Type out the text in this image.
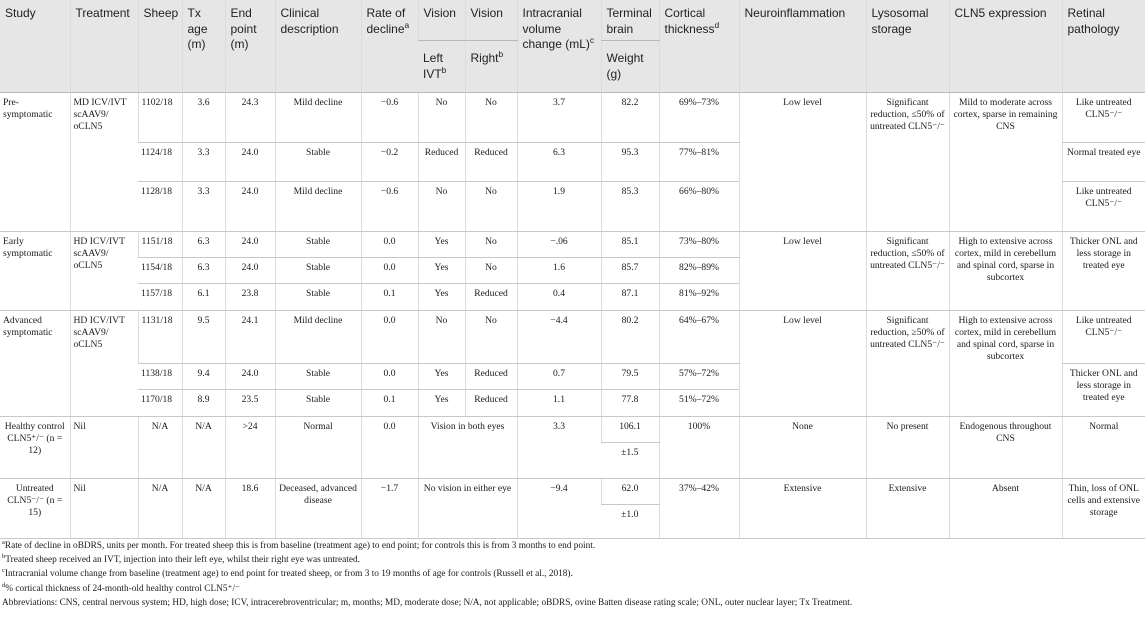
Study	Treatment	Sheep	Tx age (m)	End point (m)	Clinical description	Rate of decline$^a$	Vision	Vision	Intracranial volume change (mL)$^c$	Terminal brain	Cortical thickness$^d$	Neuroinflammation	Lysosomal storage	CLN5 expression	Retinal pathology
							Left IVT$^b$	Right$^b$		Weight (g)					
Pre-symptomatic	MD ICV/IVT scAAV9/ oCLN5	1102/18	3.6	24.3	Mild decline	−0.6	No	No	3.7	82.2	69%–73%	Low level	Significant reduction, ≤50% of untreated CLN5⁻/⁻	Mild to moderate across cortex, sparse in remaining CNS	Like untreated CLN5⁻/⁻
		1124/18	3.3	24.0	Stable	−0.2	Reduced	Reduced	6.3	95.3	77%–81%				Normal treated eye
		1128/18	3.3	24.0	Mild decline	−0.6	No	No	1.9	85.3	66%–80%				Like untreated CLN5⁻/⁻
Early symptomatic	HD ICV/IVT scAAV9/ oCLN5	1151/18	6.3	24.0	Stable	0.0	Yes	No	−.06	85.1	73%–80%	Low level	Significant reduction, ≤50% of untreated CLN5⁻/⁻	High to extensive across cortex, mild in cerebellum and spinal cord, sparse in subcortex	Thicker ONL and less storage in treated eye
		1154/18	6.3	24.0	Stable	0.0	Yes	No	1.6	85.7	82%–89%				
		1157/18	6.1	23.8	Stable	0.1	Yes	Reduced	0.4	87.1	81%–92%				
Advanced symptomatic	HD ICV/IVT scAAV9/ oCLN5	1131/18	9.5	24.1	Mild decline	0.0	No	No	−4.4	80.2	64%–67%	Low level	Significant reduction, ≥50% of untreated CLN5⁻/⁻	High to extensive across cortex, mild in cerebellum and spinal cord, sparse in subcortex	Like untreated CLN5⁻/⁻
		1138/18	9.4	24.0	Stable	0.0	Yes	Reduced	0.7	79.5	57%–72%				Thicker ONL and less storage in treated eye
		1170/18	8.9	23.5	Stable	0.1	Yes	Reduced	1.1	77.8	51%–72%				
Healthy control CLN5⁺/⁻ (n = 12)	Nil	N/A	N/A	>24	Normal	0.0	Vision in both eyes		3.3	106.1	100%	None	No present	Endogenous throughout CNS	Normal
										±1.5					
Untreated CLN5⁻/⁻ (n = 15)	Nil	N/A	N/A	18.6	Deceased, advanced disease	−1.7	No vision in either eye		−9.4	62.0	37%–42%	Extensive	Extensive	Absent	Thin, loss of ONL cells and extensive storage
										±1.0					
$^a$Rate of decline in oBDRS, units per month. For treated sheep this is from baseline (treatment age) to end point; for controls this is from 3 months to end point.
$^b$Treated sheep received an IVT, injection into their left eye, whilst their right eye was untreated.
$^c$Intracranial volume change from baseline (treatment age) to end point for treated sheep, or from 3 to 19 months of age for controls (Russell et al., 2018).
$^d$% cortical thickness of 24-month-old healthy control CLN5⁺/⁻
Abbreviations: CNS, central nervous system; HD, high dose; ICV, intracerebroventricular; m, months; MD, moderate dose; N/A, not applicable; oBDRS, ovine Batten disease rating scale; ONL, outer nuclear layer; Tx Treatment.
